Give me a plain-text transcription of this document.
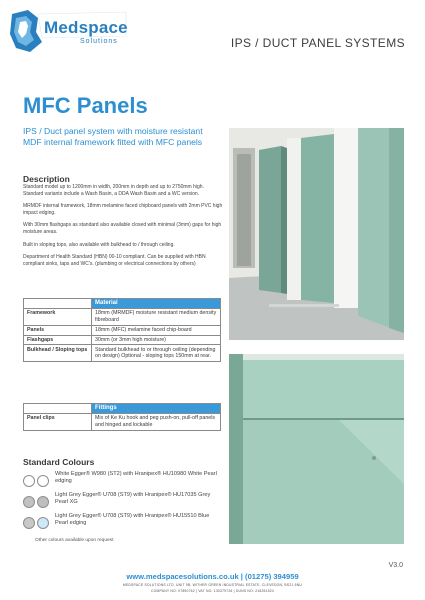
Medspace
Solutions	IPS / DUCT PANEL SYSTEMS
MFC Panels
IPS / Duct panel system with moisture resistant MDF internal framework fitted with MFC panels
Description

Standard model up to 1200mm in width, 200mm in depth and up to 2750mm high. Standard variants include a Wash Basin, a DDA Wash Basin and a WC version.

MRMDF internal framework, 18mm melamine faced chipboard panels with 2mm PVC high impact edging.

With 30mm flashgaps as standard also available closed with minimal (3mm) gaps for high moisture areas.

Built in sloping tops, also available with bulkhead to / through ceiling.

Department of Health Standard (HBN) 00-10 compliant. Can be supplied with HBN compliant sinks, taps and WC's. (plumbing or electrical connections by others)

	Material
Framework	18mm (MRMDF) moisture resistant medium density fibreboard
Panels	18mm (MFC) melamine faced chip-board
Flashgaps	30mm (or 3mm high moisture)
Bulkhead / Sloping tops	Standard bulkhead to or through ceiling (depending on design) Optional - sloping tops 150mm at rear.
	Fittings
Panel clips	Mix of Ke Ku hook and peg push-on, pull-off panels and hinged and lockable
Standard Colours
White Egger® W980 (ST2) with Hranipex® HU10980 White Pearl edging
Light Grey Egger® U708 (ST9) with Hranipex® HU17035 Grey Pearl XG
Light Grey Egger® U708 (ST9) with Hranipex® HU15510 Blue Pearl edging
Other colours available upon request
V3.0
www.medspacesolutions.co.uk | (01275) 394959
MEDSPACE SOLUTIONS LTD, UNIT 9B, WITHER GREEN INDUSTRIAL ESTATE, CLEVEDON, BS21 6NU
COMPANY NO: 07890762 | VAT NO: 130379726 | DUNS NO: 218251524
